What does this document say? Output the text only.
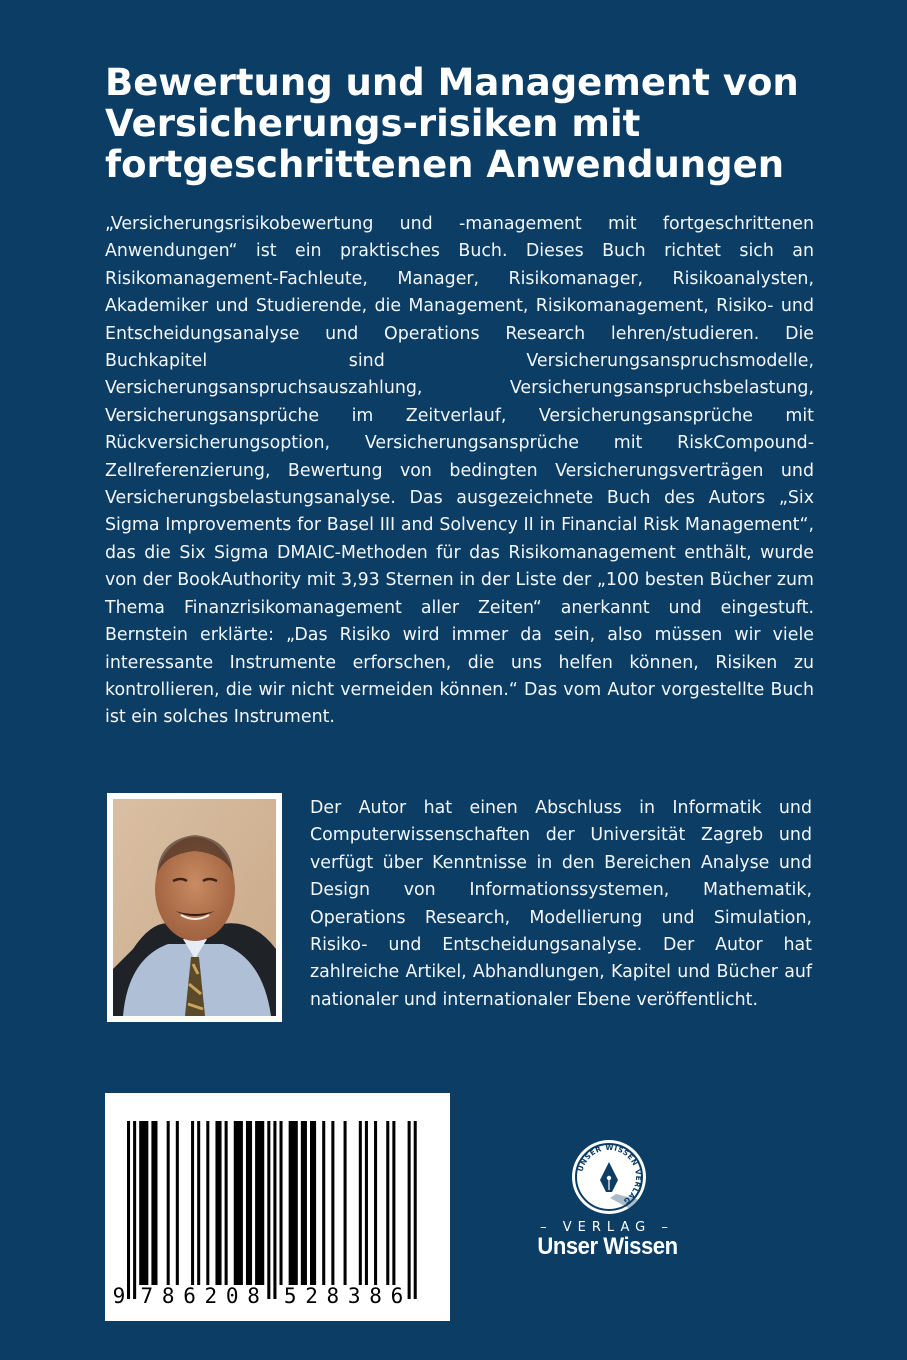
Bewertung und Management von
Versicherungs-risiken mit
fortgeschrittenen Anwendungen

„Versicherungsrisikobewertung und -management mit fortgeschrittenen Anwendungen“ ist ein praktisches Buch. Dieses Buch richtet sich an Risikomanagement-Fachleute, Manager, Risikomanager, Risikoanalysten, Akademiker und Studierende, die Management, Risikomanagement, Risiko- und Entscheidungsanalyse und Operations Research lehren/studieren. Die Buchkapitel sind Versicherungsanspruchsmodelle, Versicherungsanspruchsauszahlung, Versicherungsanspruchsbelastung, Versicherungsansprüche im Zeitverlauf, Versicherungsansprüche mit Rückversicherungsoption, Versicherungsansprüche mit RiskCompound-Zellreferenzierung, Bewertung von bedingten Versicherungsverträgen und Versicherungsbelastungsanalyse. Das ausgezeichnete Buch des Autors „Six Sigma Improvements for Basel III and Solvency II in Financial Risk Management“, das die Six Sigma DMAIC-Methoden für das Risikomanagement enthält, wurde von der BookAuthority mit 3,93 Sternen in der Liste der „100 besten Bücher zum Thema Finanzrisikomanagement aller Zeiten“ anerkannt und eingestuft. Bernstein erklärte: „Das Risiko wird immer da sein, also müssen wir viele interessante Instrumente erforschen, die uns helfen können, Risiken zu kontrollieren, die wir nicht vermeiden können.“ Das vom Autor vorgestellte Buch ist ein solches Instrument.

Der Autor hat einen Abschluss in Informatik und Computerwissenschaften der Universität Zagreb und verfügt über Kenntnisse in den Bereichen Analyse und Design von Informationssystemen, Mathematik, Operations Research, Modellierung und Simulation, Risiko- und Entscheidungsanalyse. Der Autor hat zahlreiche Artikel, Abhandlungen, Kapitel und Bücher auf nationaler und internationaler Ebene veröffentlicht.

9 7 8 6 2 0 8 5 2 8 3 8 6
UNSER WISSEN VERLAG
– VERLAG –
Unser Wissen
